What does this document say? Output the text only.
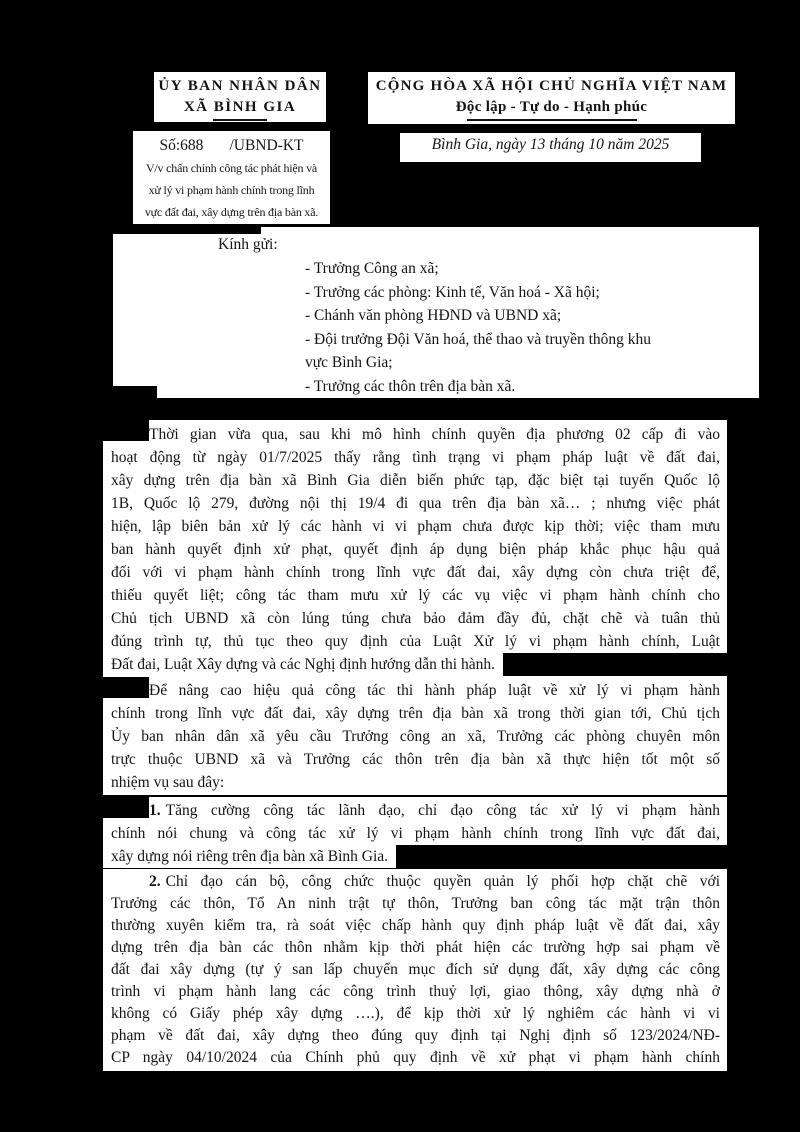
ỦY BAN NHÂN DÂN
XÃ BÌNH GIA
CỘNG HÒA XÃ HỘI CHỦ NGHĨA VIỆT NAM
Độc lập - Tự do - Hạnh phúc
Số:688 /UBND-KT
V/v chấn chỉnh công tác phát hiện và
xử lý vi phạm hành chính trong lĩnh
vực đất đai, xây dựng trên địa bàn xã.
Bình Gia, ngày 13 tháng 10 năm 2025
Kính gửi:
- Trưởng Công an xã;
- Trưởng các phòng: Kinh tế, Văn hoá - Xã hội;
- Chánh văn phòng HĐND và UBND xã;
- Đội trưởng Đội Văn hoá, thể thao và truyền thông khu
vực Bình Gia;
- Trưởng các thôn trên địa bàn xã.
Thời gian vừa qua, sau khi mô hình chính quyền địa phương 02 cấp đi vào
hoạt động từ ngày 01/7/2025 thấy rằng tình trạng vi phạm pháp luật về đất đai,
xây dựng trên địa bàn xã Bình Gia diễn biến phức tạp, đặc biệt tại tuyến Quốc lộ
1B, Quốc lộ 279, đường nội thị 19/4 đi qua trên địa bàn xã… ; nhưng việc phát
hiện, lập biên bản xử lý các hành vi vi phạm chưa được kịp thời; việc tham mưu
ban hành quyết định xử phạt, quyết định áp dụng biện pháp khắc phục hậu quả
đối với vi phạm hành chính trong lĩnh vực đất đai, xây dựng còn chưa triệt để,
thiếu quyết liệt; công tác tham mưu xử lý các vụ việc vi phạm hành chính cho
Chủ tịch UBND xã còn lúng túng chưa bảo đảm đầy đủ, chặt chẽ và tuân thủ
đúng trình tự, thủ tục theo quy định của Luật Xử lý vi phạm hành chính, Luật
Đất đai, Luật Xây dựng và các Nghị định hướng dẫn thi hành.
Để nâng cao hiệu quả công tác thi hành pháp luật về xử lý vi phạm hành
chính trong lĩnh vực đất đai, xây dựng trên địa bàn xã trong thời gian tới, Chủ tịch
Ủy ban nhân dân xã yêu cầu Trưởng công an xã, Trưởng các phòng chuyên môn
trực thuộc UBND xã và Trưởng các thôn trên địa bàn xã thực hiện tốt một số
nhiệm vụ sau đây:
1. Tăng cường công tác lãnh đạo, chỉ đạo công tác xử lý vi phạm hành
chính nói chung và công tác xử lý vi phạm hành chính trong lĩnh vực đất đai,
xây dựng nói riêng trên địa bàn xã Bình Gia.
2. Chỉ đạo cán bộ, công chức thuộc quyền quản lý phối hợp chặt chẽ với
Trưởng các thôn, Tổ An ninh trật tự thôn, Trưởng ban công tác mặt trận thôn
thường xuyên kiểm tra, rà soát việc chấp hành quy định pháp luật về đất đai, xây
dựng trên địa bàn các thôn nhằm kịp thời phát hiện các trường hợp sai phạm về
đất đai xây dựng (tự ý san lấp chuyển mục đích sử dụng đất, xây dựng các công
trình vi phạm hành lang các công trình thuỷ lợi, giao thông, xây dựng nhà ở
không có Giấy phép xây dựng ….), để kịp thời xử lý nghiêm các hành vi vi
phạm về đất đai, xây dựng theo đúng quy định tại Nghị định số 123/2024/NĐ-
CP ngày 04/10/2024 của Chính phủ quy định về xử phạt vi phạm hành chính
